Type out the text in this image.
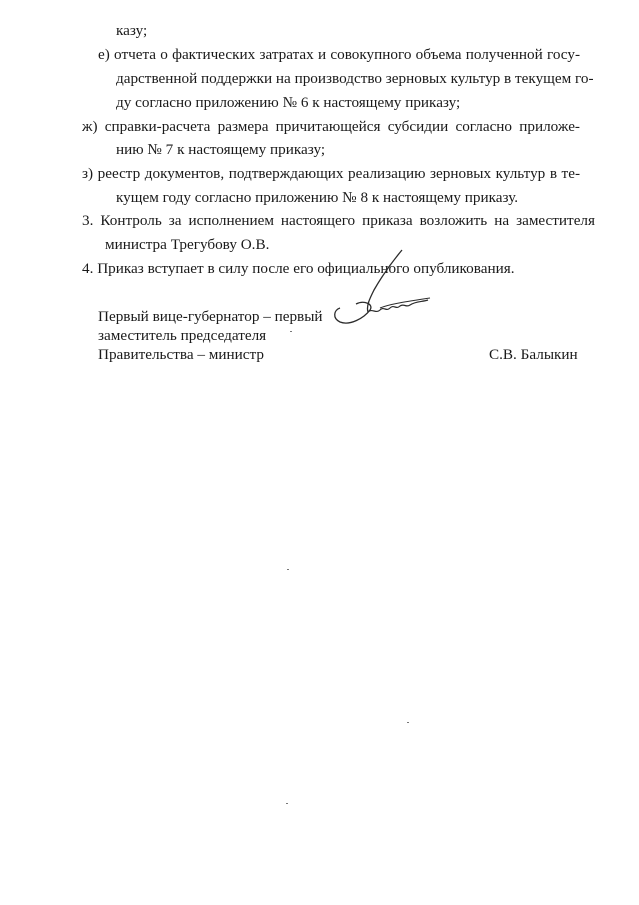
казу;
е) отчета о фактических затратах и совокупного объема полученной госу-
дарственной поддержки на производство зерновых культур в текущем го-
ду согласно приложению № 6 к настоящему приказу;
ж) справки-расчета размера причитающейся субсидии согласно приложе-
нию № 7 к настоящему приказу;
з) реестр документов, подтверждающих реализацию зерновых культур в те-
кущем году согласно приложению № 8 к настоящему приказу.
3. Контроль за исполнением настоящего приказа возложить на заместителя
министра Трегубову О.В.
4. Приказ вступает в силу после его официального опубликования.
Первый вице-губернатор – первый
заместитель председателя
Правительства – министр	С.В. Балыкин
